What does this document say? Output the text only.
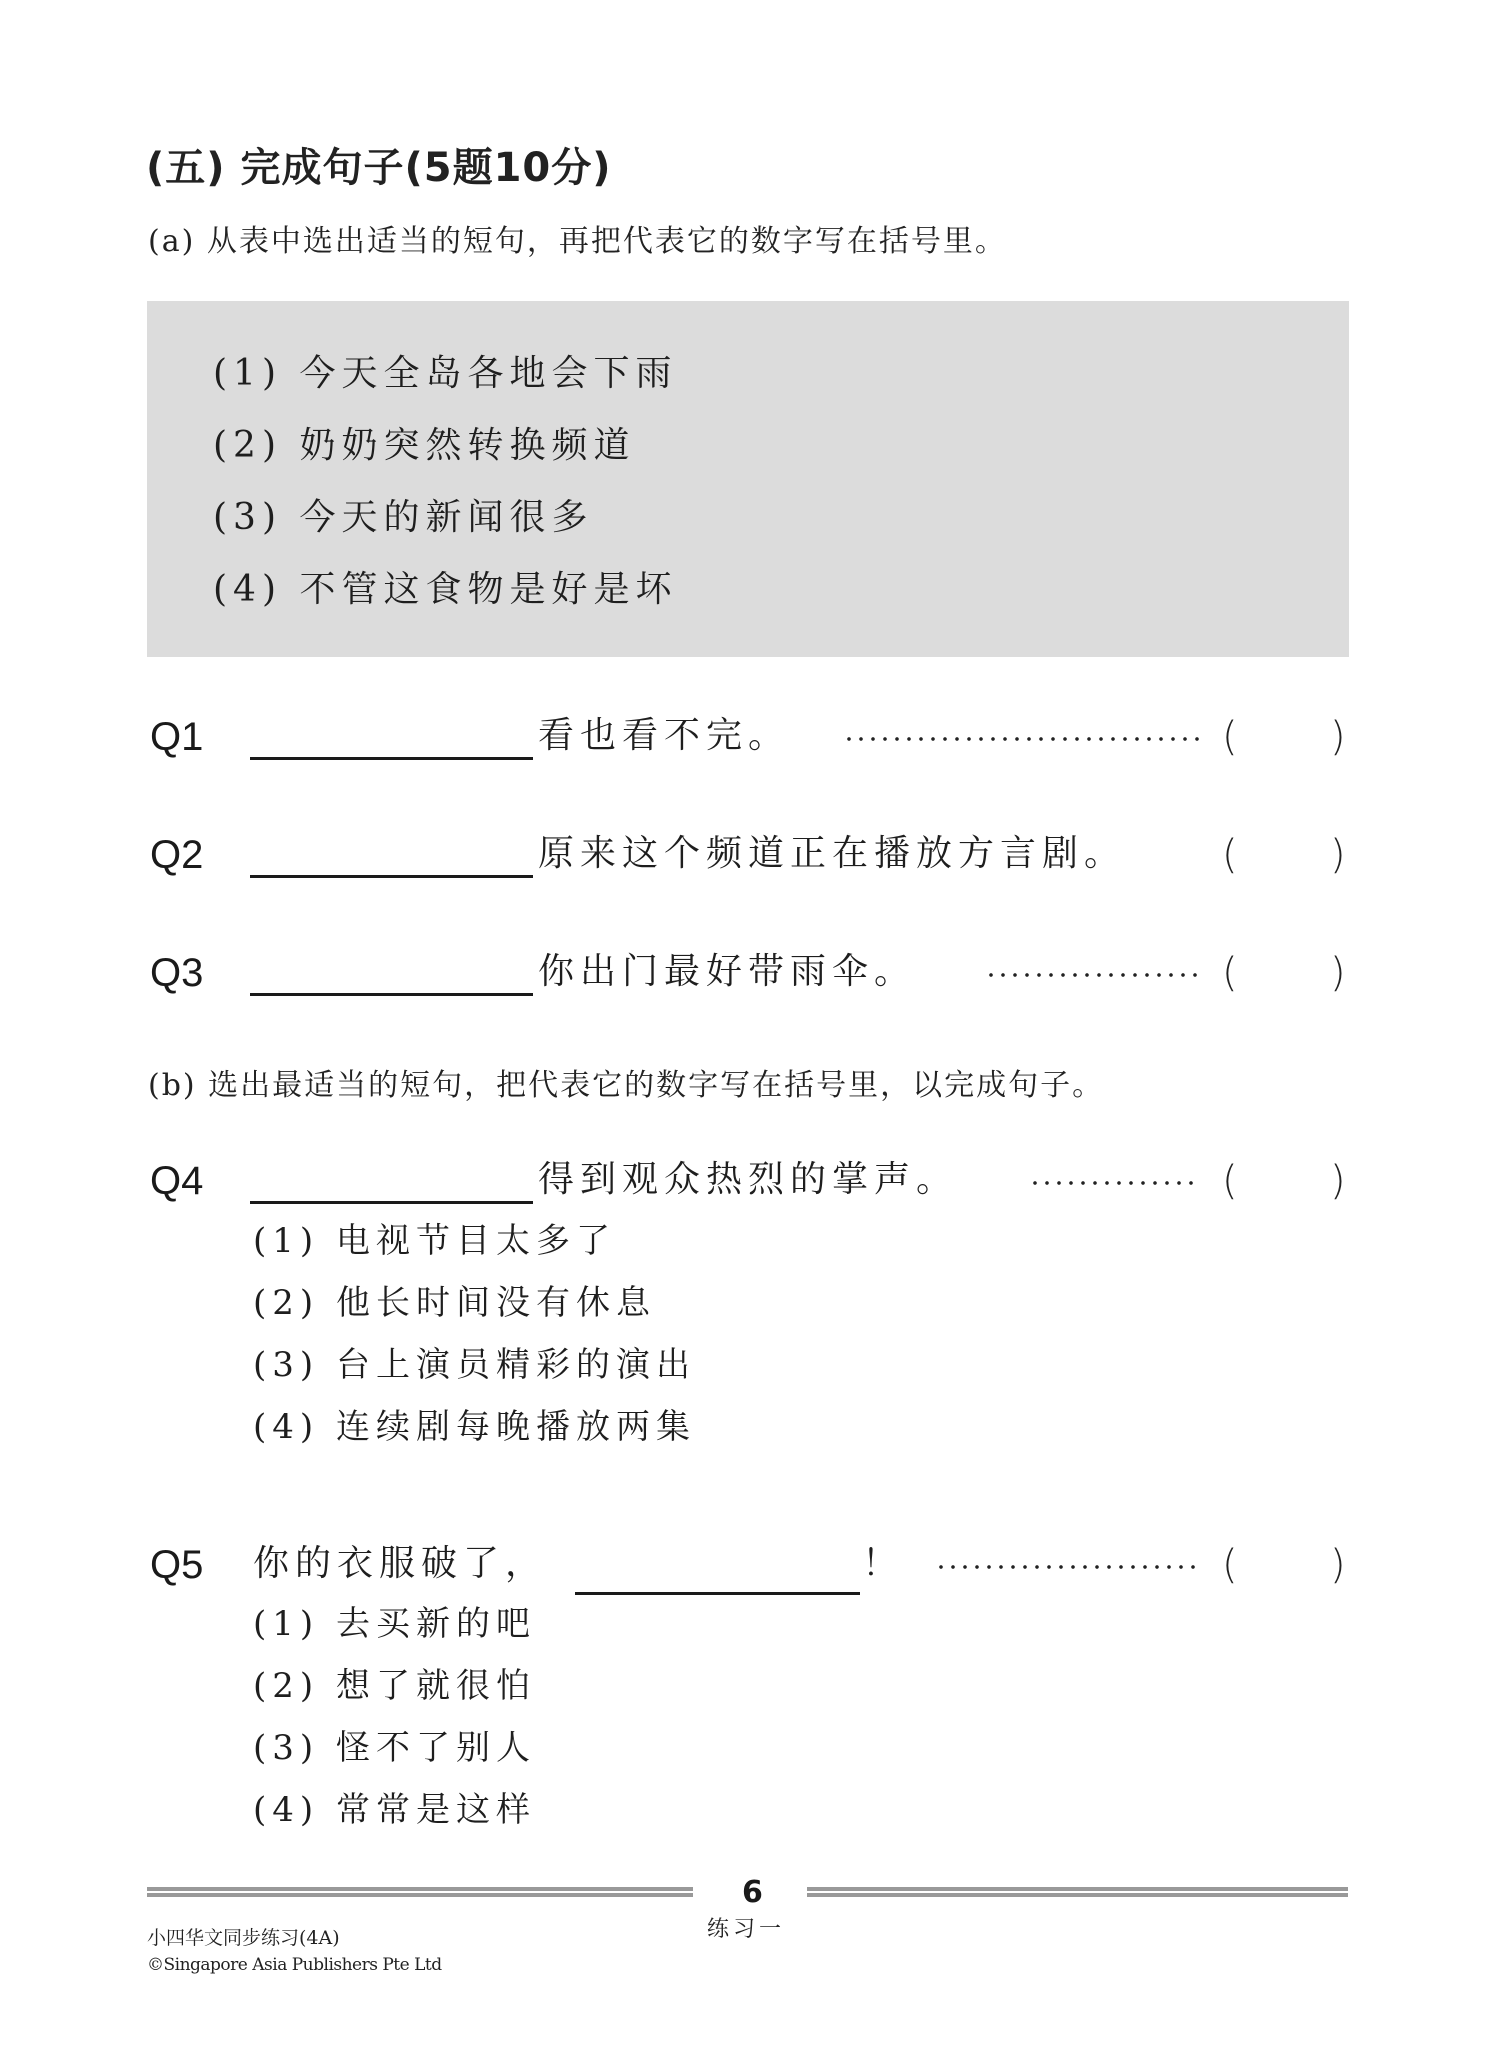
(五) 完成句子(5题10分)
(a) 从表中选出适当的短句，再把代表它的数字写在括号里。
(1) 今天全岛各地会下雨
(2) 奶奶突然转换频道
(3) 今天的新闻很多
(4) 不管这食物是好是坏
Q1	看也看不完。	( )
Q2	原来这个频道正在播放方言剧。 ( )
Q3	你出门最好带雨伞。	( )
(b) 选出最适当的短句，把代表它的数字写在括号里，以完成句子。
Q4	得到观众热烈的掌声。	( )
(1) 电视节目太多了
(2) 他长时间没有休息
(3) 台上演员精彩的演出
(4) 连续剧每晚播放两集
Q5 你的衣服破了，	！	( )
(1) 去买新的吧
(2) 想了就很怕
(3) 怪不了别人
(4) 常常是这样
6
小四华文同步练习(4A)
©Singapore Asia Publishers Pte Ltd
练习一
